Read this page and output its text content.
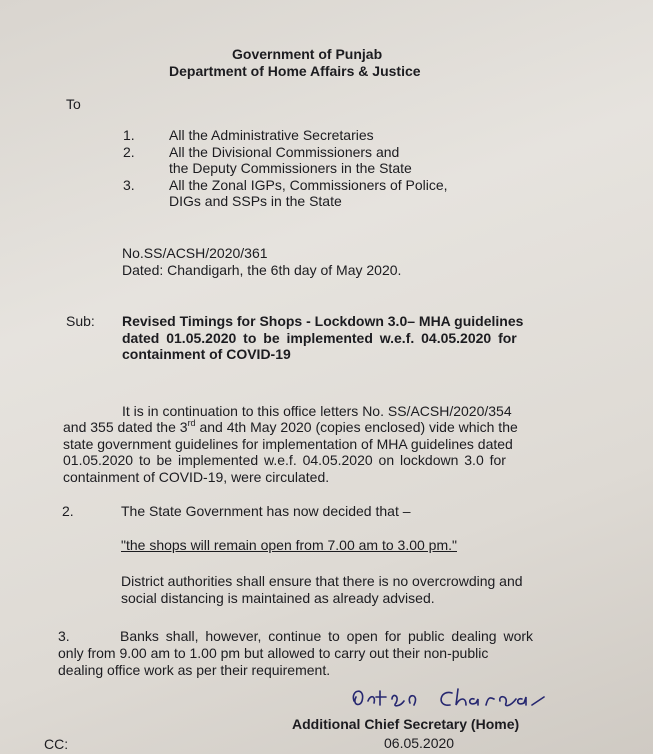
Government of Punjab
Department of Home Affairs & Justice
To
1. All the Administrative Secretaries
2. All the Divisional Commissioners and
the Deputy Commissioners in the State
3. All the Zonal IGPs, Commissioners of Police,
DIGs and SSPs in the State
No.SS/ACSH/2020/361
Dated: Chandigarh, the 6th day of May 2020.
Sub: Revised Timings for Shops - Lockdown 3.0– MHA guidelines
dated 01.05.2020 to be implemented w.e.f. 04.05.2020 for
containment of COVID-19
It is in continuation to this office letters No. SS/ACSH/2020/354
and 355 dated the 3rd and 4th May 2020 (copies enclosed) vide which the
state government guidelines for implementation of MHA guidelines dated
01.05.2020 to be implemented w.e.f. 04.05.2020 on lockdown 3.0 for
containment of COVID-19, were circulated.
2.	The State Government has now decided that –
"the shops will remain open from 7.00 am to 3.00 pm."
District authorities shall ensure that there is no overcrowding and
social distancing is maintained as already advised.
3.	Banks shall, however, continue to open for public dealing work
only from 9.00 am to 1.00 pm but allowed to carry out their non-public
dealing office work as per their requirement.
Additional Chief Secretary (Home)
06.05.2020
CC:
